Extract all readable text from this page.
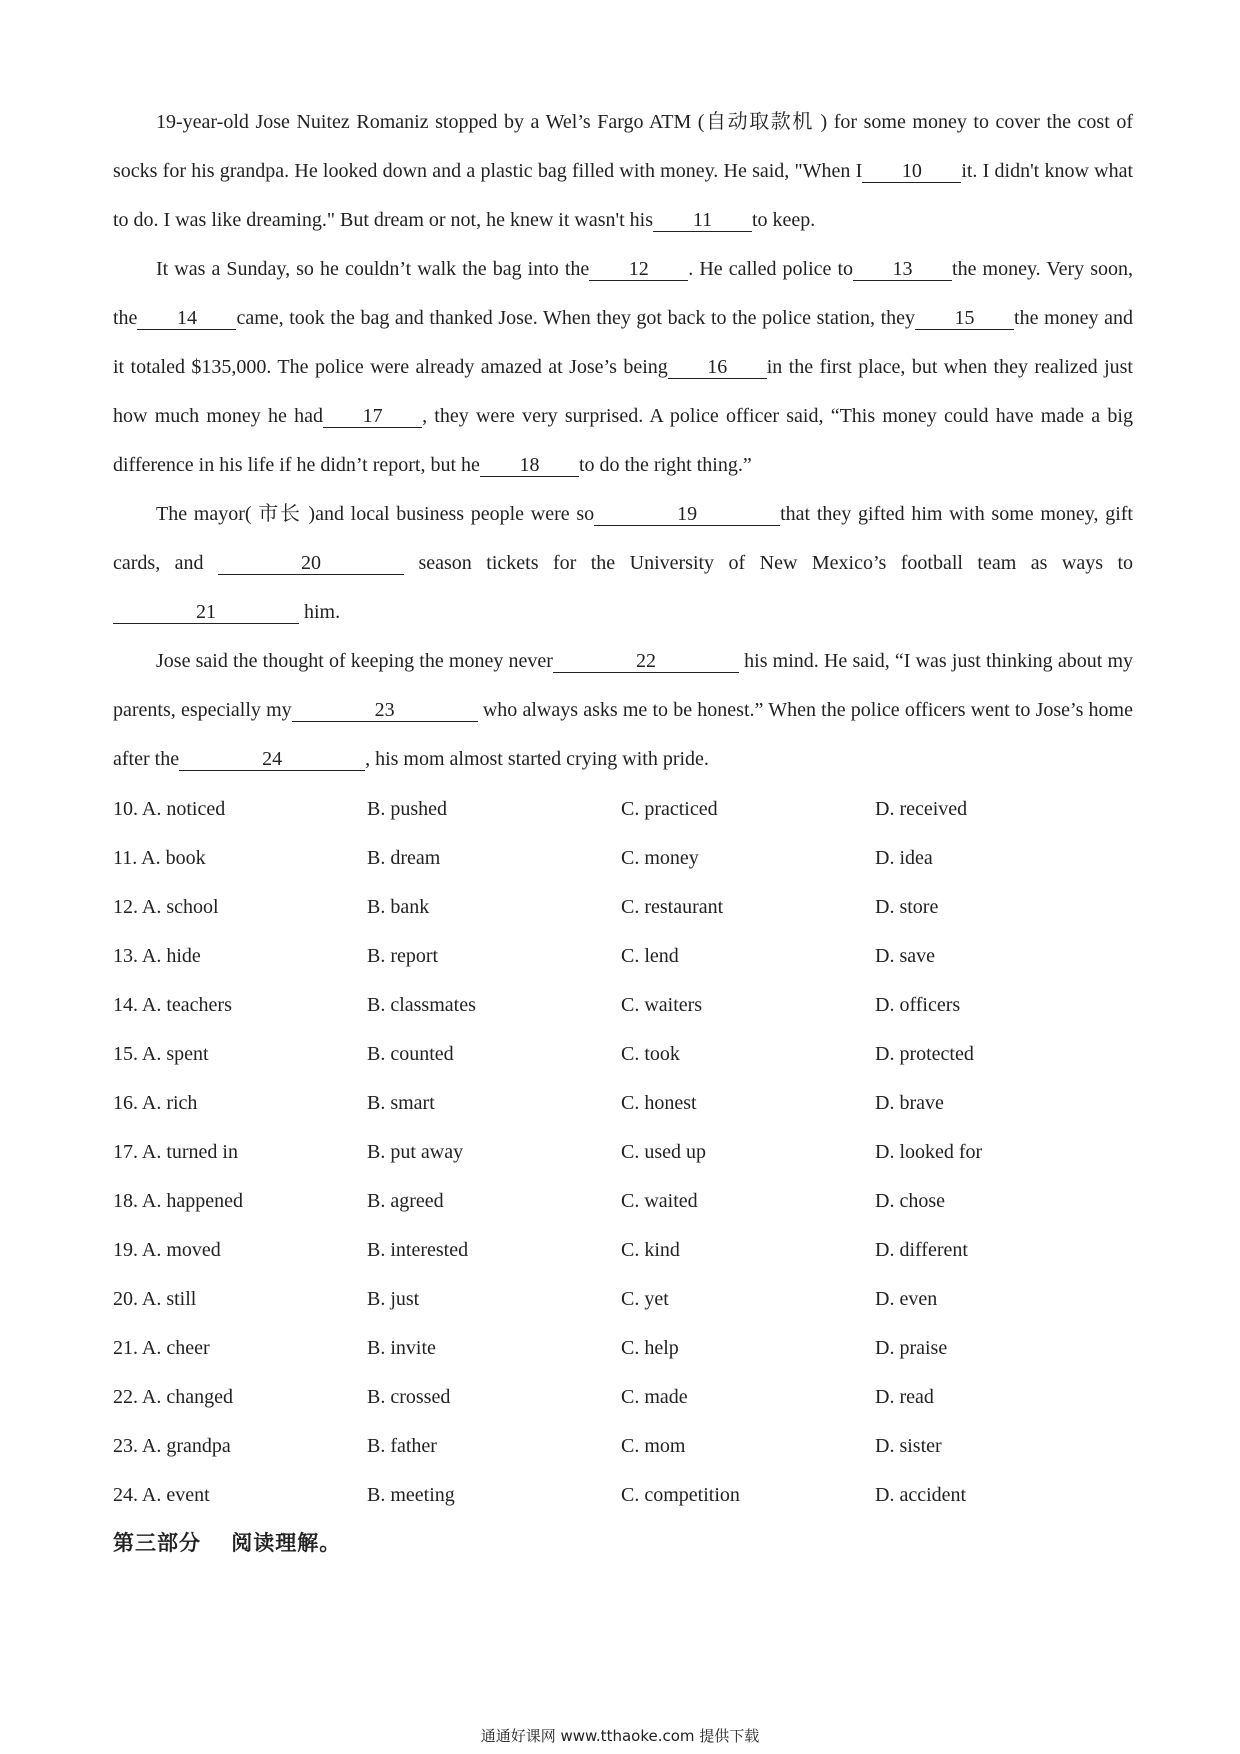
19-year-old Jose Nuitez Romaniz stopped by a Wel’s Fargo ATM (自动取款机 ) for some money to cover the cost of socks for his grandpa. He looked down and a plastic bag filled with money. He said, "When I 10 it. I didn't know what to do. I was like dreaming." But dream or not, he knew it wasn't his 11 to keep.

It was a Sunday, so he couldn’t walk the bag into the 12 . He called police to 13 the money. Very soon, the 14 came, took the bag and thanked Jose. When they got back to the police station, they 15 the money and it totaled $135,000. The police were already amazed at Jose’s being 16 in the first place, but when they realized just how much money he had 17 , they were very surprised. A police officer said, “This money could have made a big difference in his life if he didn’t report, but he 18 to do the right thing.”

The mayor( 市长 )and local business people were so	19	that they gifted him with some money, gift cards, and	20	season tickets for the University of New Mexico’s football team as ways to 21	him.

Jose said the thought of keeping the money never	22	his mind. He said, “I was just thinking about my parents, especially my	23	who always asks me to be honest.” When the police officers went to Jose’s home after the	24	, his mom almost started crying with pride.

10. A. noticed	B. pushed	C. practiced	D. received
11. A. book	B. dream	C. money	D. idea
12. A. school	B. bank	C. restaurant	D. store
13. A. hide	B. report	C. lend	D. save
14. A. teachers	B. classmates	C. waiters	D. officers
15. A. spent	B. counted	C. took	D. protected
16. A. rich	B. smart	C. honest	D. brave
17. A. turned in	B. put away	C. used up	D. looked for
18. A. happened	B. agreed	C. waited	D. chose
19. A. moved	B. interested	C. kind	D. different
20. A. still	B. just	C. yet	D. even
21. A. cheer	B. invite	C. help	D. praise
22. A. changed	B. crossed	C. made	D. read
23. A. grandpa	B. father	C. mom	D. sister
24. A. event	B. meeting	C. competition	D. accident
第三部分　 阅读理解。
通通好课网 www.tthaoke.com 提供下载
